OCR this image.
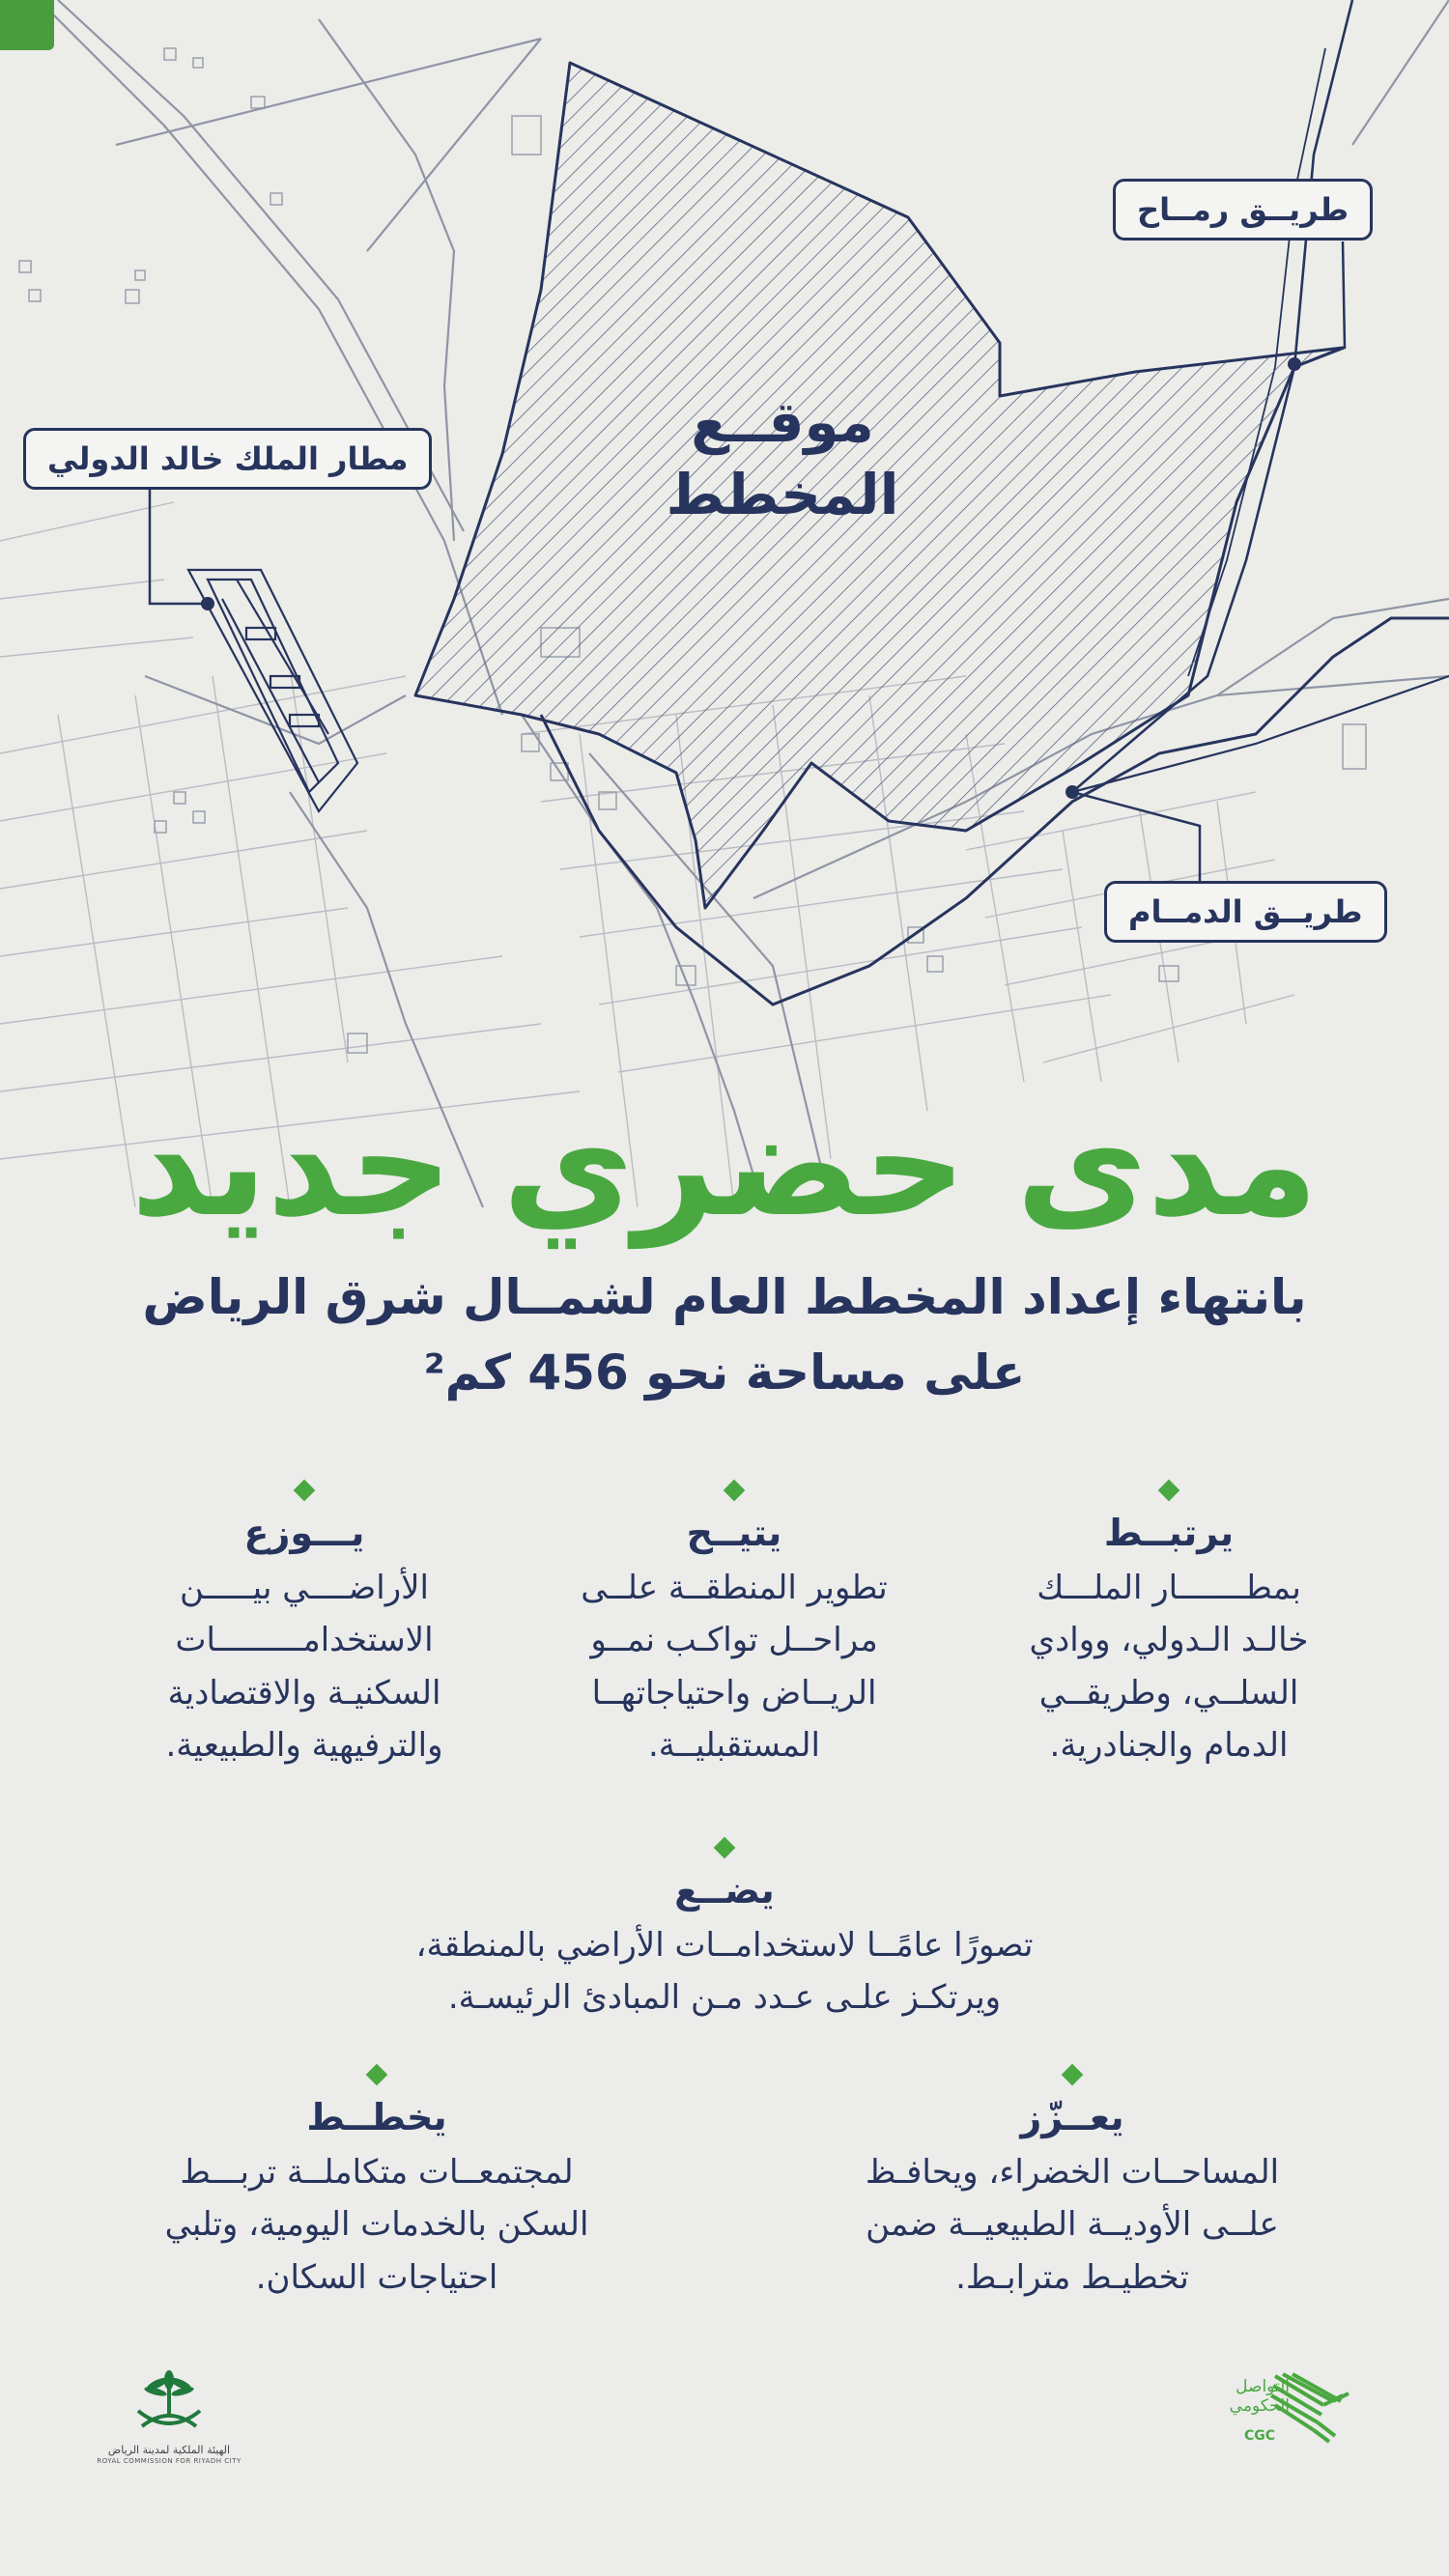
موقــع
المخطط
طريــق رمــاح
طريــق الدمــام
مطار الملك خالد الدولي
مدى حضري جديد
بانتهاء إعداد المخطط العام لشمــال شرق الرياض
على مساحة نحو 456 كم²
يرتبــط
بمطـــــــار الملـــك
خالـد الـدولي، ووادي
السلــي، وطريقــي
الدمام والجنادرية.
يتيــح
تطوير المنطقــة علــى
مراحــل تواكـب نمــو
الريــاض واحتياجاتهــا
المستقبليــة.
يـــوزع
الأراضــــي بيـــــن
الاستخدامـــــــــات
السكنيـة والاقتصادية
والترفيهية والطبيعية.
يضــع
تصورًا عامًــا لاستخدامــات الأراضي بالمنطقة،
ويرتكـز علـى عـدد مـن المبادئ الرئيسـة.
يعــزّز
المساحــات الخضراء، ويحافـظ
علــى الأوديــة الطبيعيــة ضمن
تخطيـط مترابـط.
يخطــط
لمجتمعــات متكاملــة تربـــط
السكن بالخدمات اليومية، وتلبي
احتياجات السكان.
الهيئة الملكية لمدينة الرياض
ROYAL COMMISSION FOR RIYADH CITY
التواصل
الحكومي
CGC
